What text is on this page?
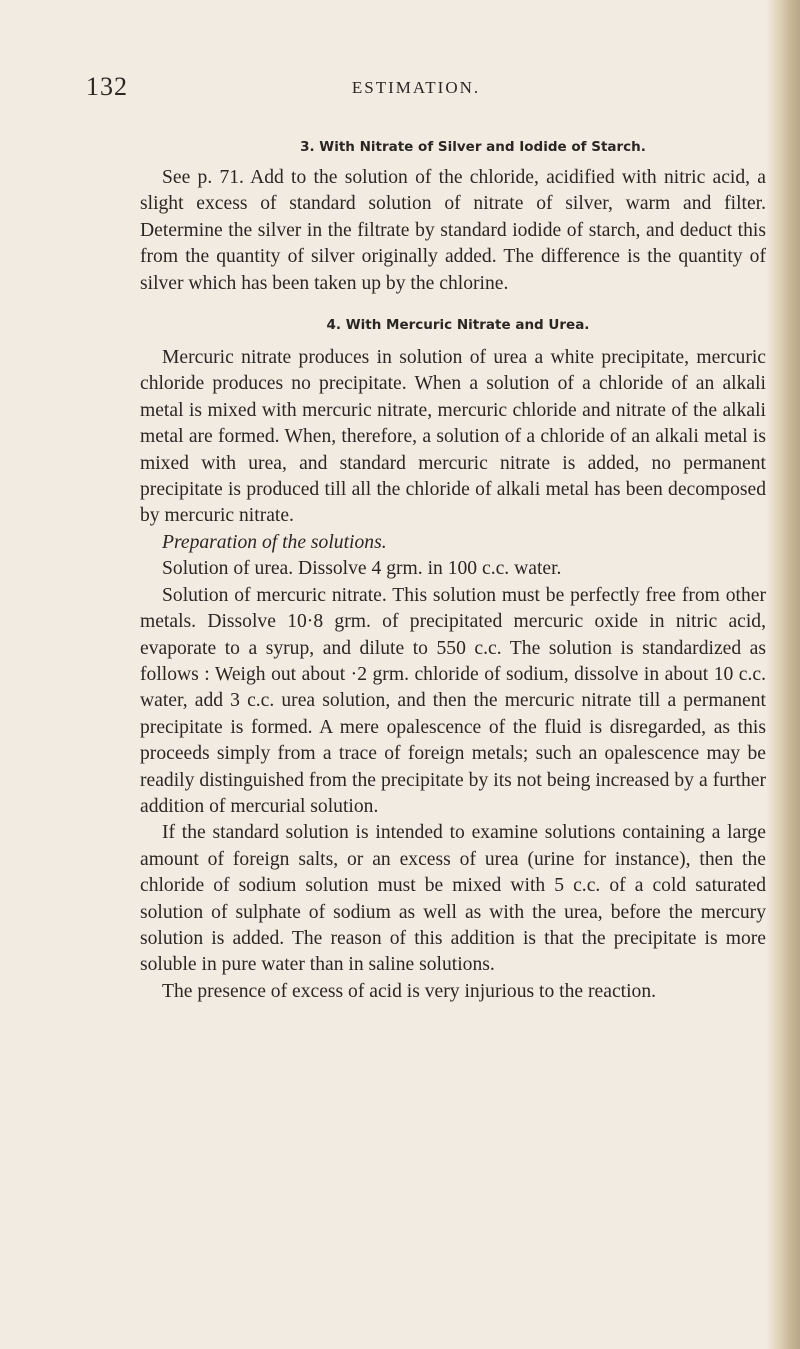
132	ESTIMATION.
3. With Nitrate of Silver and Iodide of Starch.

See p. 71. Add to the solution of the chloride, acidified with nitric acid, a slight excess of standard solution of nitrate of silver, warm and filter. Determine the silver in the filtrate by standard iodide of starch, and deduct this from the quantity of silver originally added. The difference is the quantity of silver which has been taken up by the chlorine.

4. With Mercuric Nitrate and Urea.

Mercuric nitrate produces in solution of urea a white precipitate, mercuric chloride produces no precipitate. When a solution of a chloride of an alkali metal is mixed with mercuric nitrate, mercuric chloride and nitrate of the alkali metal are formed. When, therefore, a solution of a chloride of an alkali metal is mixed with urea, and standard mercuric nitrate is added, no permanent precipitate is produced till all the chloride of alkali metal has been decomposed by mercuric nitrate.

Preparation of the solutions.

Solution of urea. Dissolve 4 grm. in 100 c.c. water.

Solution of mercuric nitrate. This solution must be perfectly free from other metals. Dissolve 10·8 grm. of precipitated mercuric oxide in nitric acid, evaporate to a syrup, and dilute to 550 c.c. The solution is standardized as follows : Weigh out about ·2 grm. chloride of sodium, dissolve in about 10 c.c. water, add 3 c.c. urea solution, and then the mercuric nitrate till a permanent precipitate is formed. A mere opalescence of the fluid is disregarded, as this proceeds simply from a trace of foreign metals; such an opalescence may be readily distinguished from the precipitate by its not being increased by a further addition of mercurial solution.

If the standard solution is intended to examine solutions containing a large amount of foreign salts, or an excess of urea (urine for instance), then the chloride of sodium solution must be mixed with 5 c.c. of a cold saturated solution of sulphate of sodium as well as with the urea, before the mercury solution is added. The reason of this addition is that the precipitate is more soluble in pure water than in saline solutions.

The presence of excess of acid is very injurious to the reaction.
